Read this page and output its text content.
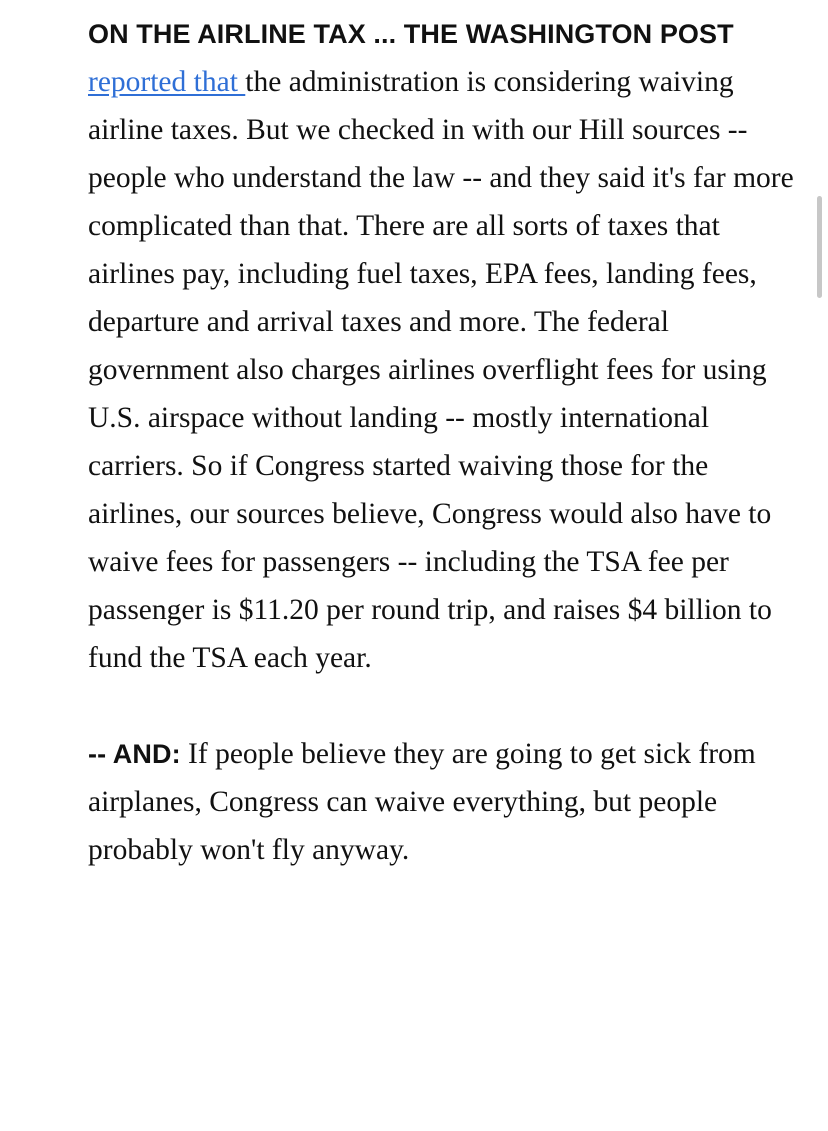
ON THE AIRLINE TAX ... THE WASHINGTON POST reported that the administration is considering waiving airline taxes. But we checked in with our Hill sources -- people who understand the law -- and they said it's far more complicated than that. There are all sorts of taxes that airlines pay, including fuel taxes, EPA fees, landing fees, departure and arrival taxes and more. The federal government also charges airlines overflight fees for using U.S. airspace without landing -- mostly international carriers. So if Congress started waiving those for the airlines, our sources believe, Congress would also have to waive fees for passengers -- including the TSA fee per passenger is $11.20 per round trip, and raises $4 billion to fund the TSA each year.

-- AND: If people believe they are going to get sick from airplanes, Congress can waive everything, but people probably won't fly anyway.
